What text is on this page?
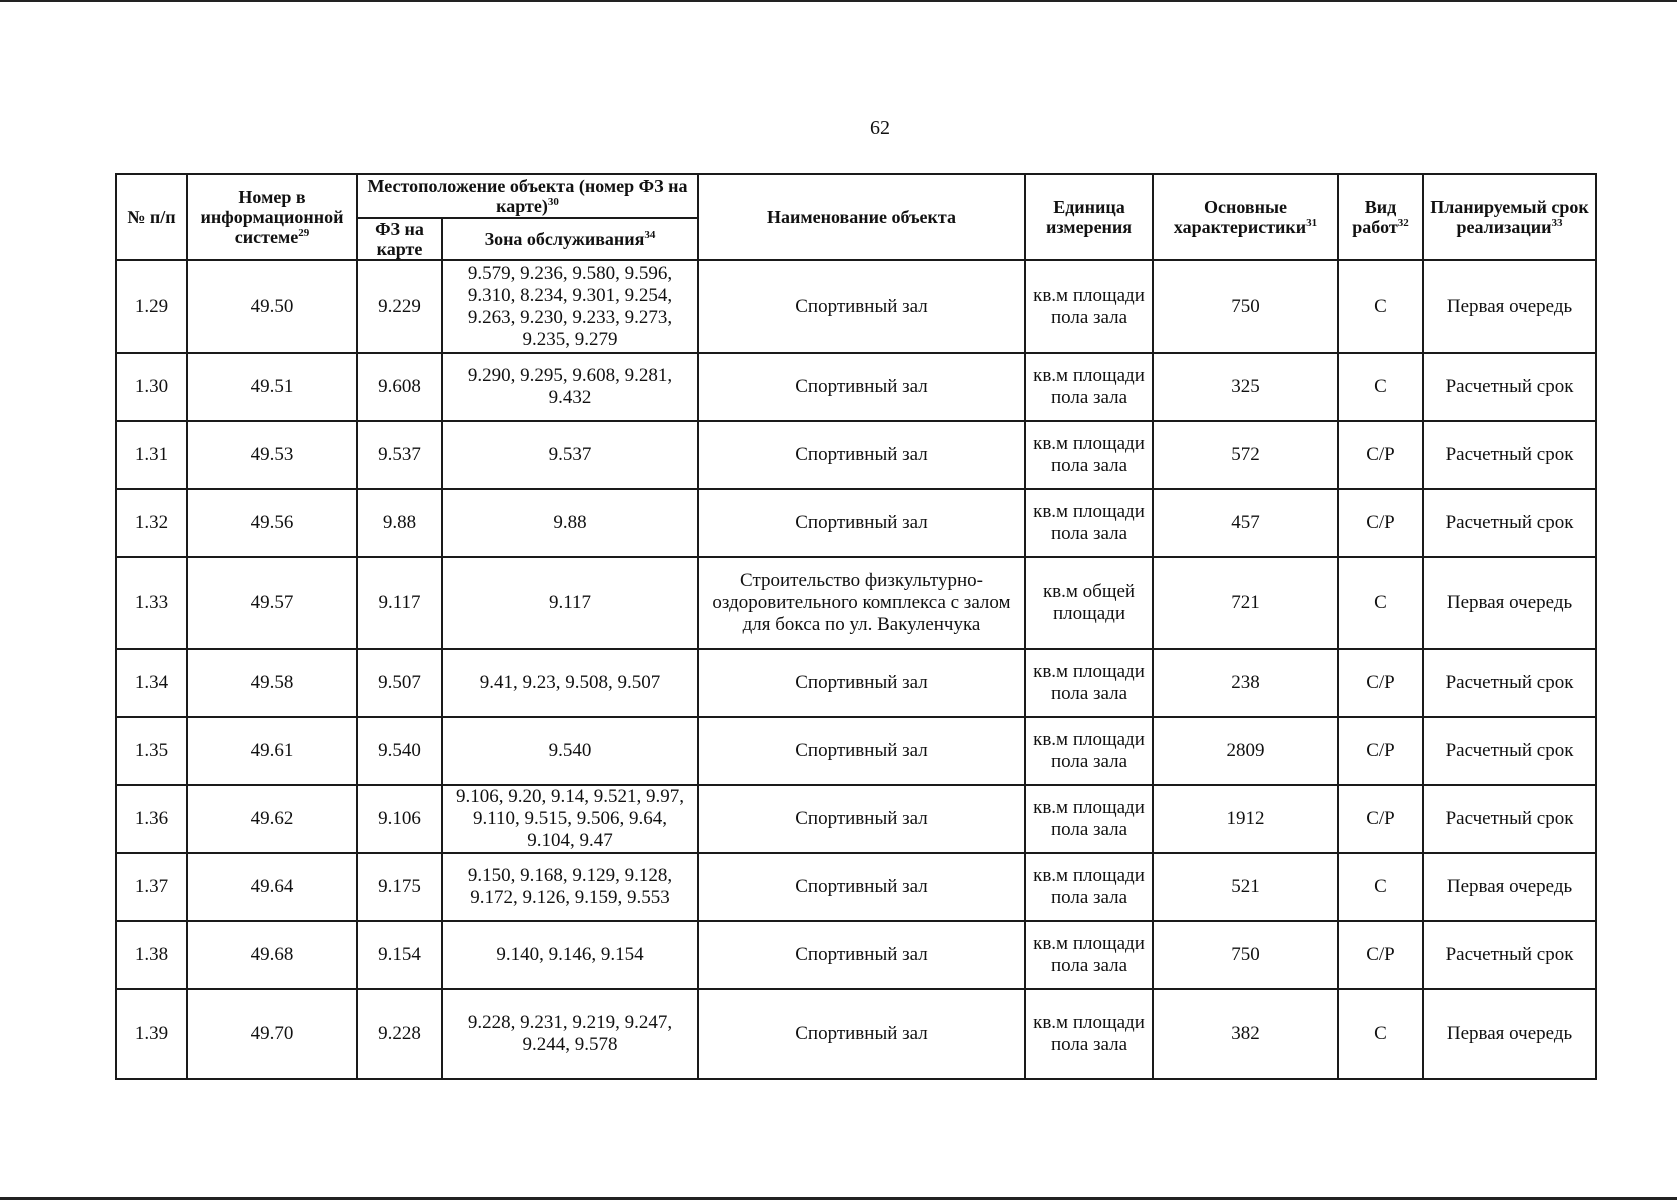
62
№ п/п	Номер в информационной системе$^{29}$	Местоположение объекта (номер ФЗ на карте)$^{30}$		Наименование объекта	Единица измерения	Основные характеристики$^{31}$	Вид работ$^{32}$	Планируемый срок реализации$^{33}$
		ФЗ на карте	Зона обслуживания$^{34}$
1.29	49.50	9.229	9.579, 9.236, 9.580, 9.596, 9.310, 8.234, 9.301, 9.254, 9.263, 9.230, 9.233, 9.273, 9.235, 9.279	Спортивный зал	кв.м площади пола зала	750	С	Первая очередь
1.30	49.51	9.608	9.290, 9.295, 9.608, 9.281, 9.432	Спортивный зал	кв.м площади пола зала	325	С	Расчетный срок
1.31	49.53	9.537	9.537	Спортивный зал	кв.м площади пола зала	572	С/Р	Расчетный срок
1.32	49.56	9.88	9.88	Спортивный зал	кв.м площади пола зала	457	С/Р	Расчетный срок
1.33	49.57	9.117	9.117	Строительство физкультурно-оздоровительного комплекса с залом для бокса по ул. Вакуленчука	кв.м общей площади	721	С	Первая очередь
1.34	49.58	9.507	9.41, 9.23, 9.508, 9.507	Спортивный зал	кв.м площади пола зала	238	С/Р	Расчетный срок
1.35	49.61	9.540	9.540	Спортивный зал	кв.м площади пола зала	2809	С/Р	Расчетный срок
1.36	49.62	9.106	9.106, 9.20, 9.14, 9.521, 9.97, 9.110, 9.515, 9.506, 9.64, 9.104, 9.47	Спортивный зал	кв.м площади пола зала	1912	С/Р	Расчетный срок
1.37	49.64	9.175	9.150, 9.168, 9.129, 9.128, 9.172, 9.126, 9.159, 9.553	Спортивный зал	кв.м площади пола зала	521	С	Первая очередь
1.38	49.68	9.154	9.140, 9.146, 9.154	Спортивный зал	кв.м площади пола зала	750	С/Р	Расчетный срок
1.39	49.70	9.228	9.228, 9.231, 9.219, 9.247, 9.244, 9.578	Спортивный зал	кв.м площади пола зала	382	С	Первая очередь
